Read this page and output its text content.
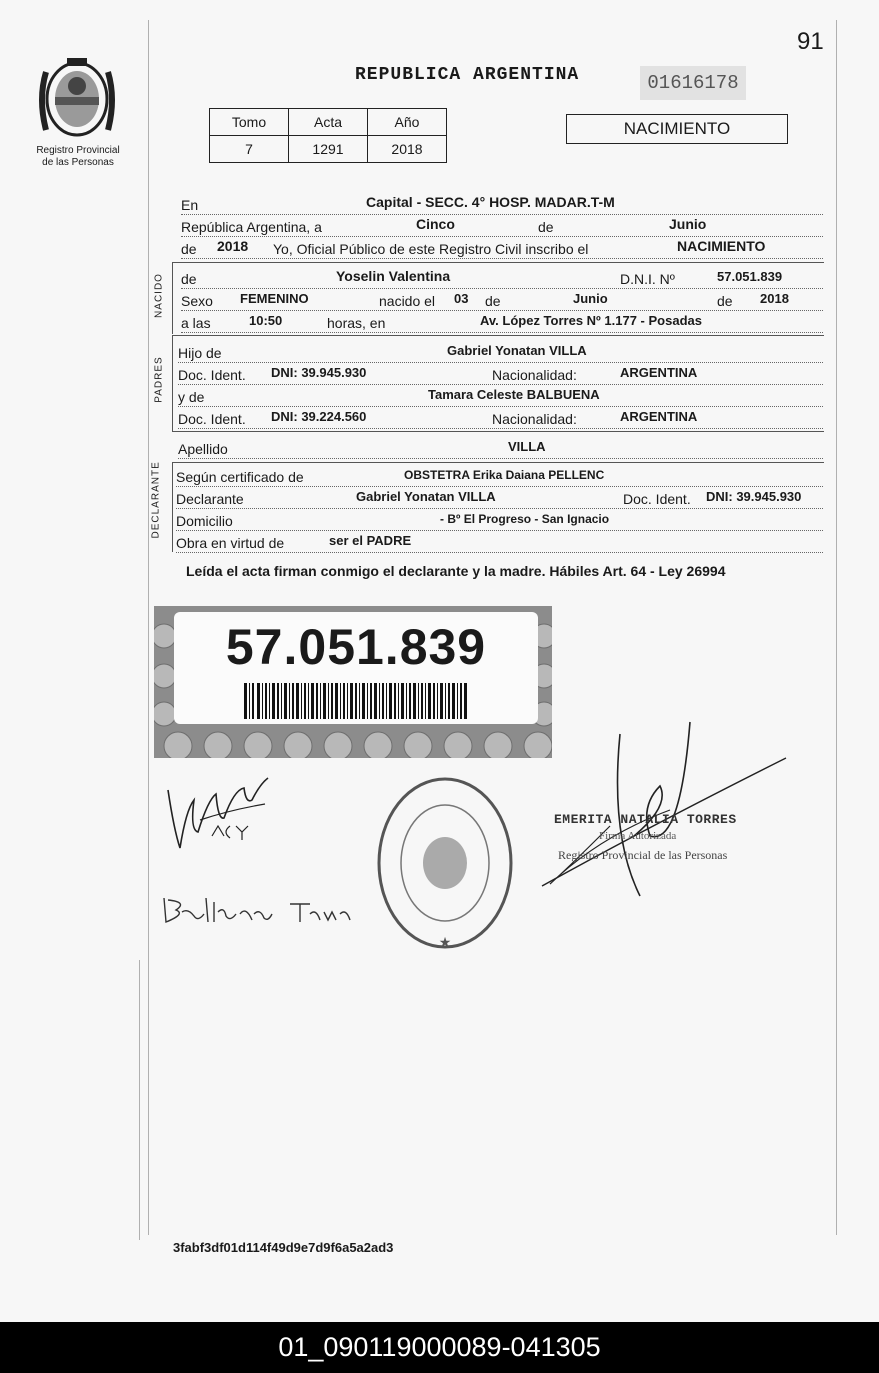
91
Registro Provincial
de las Personas
REPUBLICA ARGENTINA	01616178
Tomo	Acta	Año
7	1291	2018
NACIMIENTO
En	Capital - SECC. 4° HOSP. MADAR.T-M
República Argentina, a	Cinco	de	Junio
de 2018 Yo, Oficial Público de este Registro Civil inscribo el	NACIMIENTO
NACIDO de	Yoselin Valentina	D.N.I. Nº	57.051.839
Sexo FEMENINO	nacido el 03 de	Junio	de 2018
a las	10:50	horas, en	Av. López Torres Nº 1.177 - Posadas
PADRES
Hijo de	Gabriel Yonatan VILLA
Doc. Ident. DNI: 39.945.930	Nacionalidad:	ARGENTINA
y de	Tamara Celeste BALBUENA
Doc. Ident. DNI: 39.224.560	Nacionalidad:	ARGENTINA
Apellido	VILLA
DECLARANTE Según certificado de	OBSTETRA Erika Daiana PELLENC
Declarante	Gabriel Yonatan VILLA	Doc. Ident. DNI: 39.945.930
Domicilio	- Bº El Progreso - San Ignacio
Obra en virtud de	ser el PADRE
Leída el acta firman conmigo el declarante y la madre. Hábiles Art. 64 - Ley 26994
57.051.839
★
EMERITA NATALIA TORRES
Firma Autorizada
Registro Provincial de las Personas
3fabf3df01d114f49d9e7d9f6a5a2ad3
01_090119000089-041305
